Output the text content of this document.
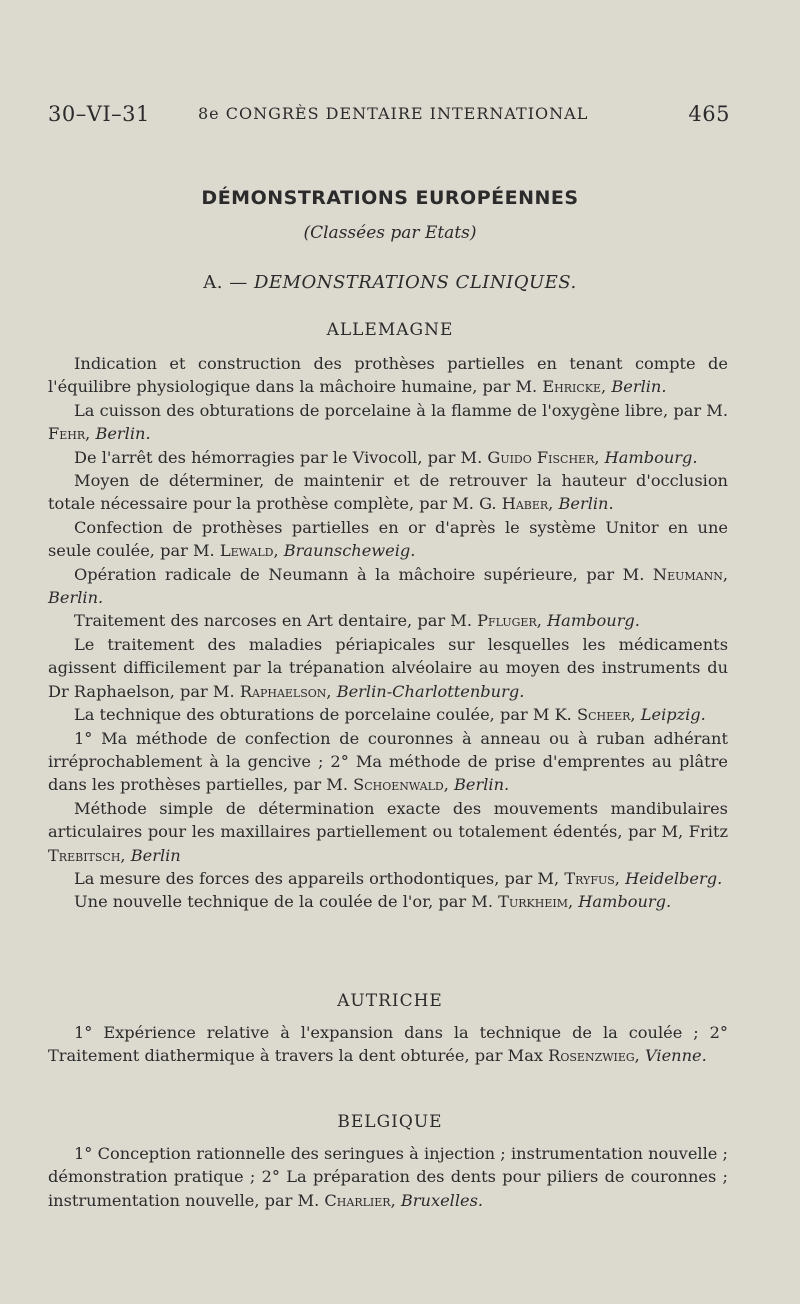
30–VI–31	8e CONGRÈS DENTAIRE INTERNATIONAL	465
DÉMONSTRATIONS EUROPÉENNES
(Classées par Etats)
A. — DEMONSTRATIONS CLINIQUES.
ALLEMAGNE

Indication et construction des prothèses partielles en tenant compte de l'équilibre physiologique dans la mâchoire humaine, par M. Ehricke, Berlin.

La cuisson des obturations de porcelaine à la flamme de l'oxygène libre, par M. Fehr, Berlin.

De l'arrêt des hémorragies par le Vivocoll, par M. Guido Fischer, Hambourg.

Moyen de déterminer, de maintenir et de retrouver la hauteur d'occlusion totale nécessaire pour la prothèse complète, par M. G. Haber, Berlin.

Confection de prothèses partielles en or d'après le système Unitor en une seule coulée, par M. Lewald, Braunscheweig.

Opération radicale de Neumann à la mâchoire supérieure, par M. Neumann, Berlin.

Traitement des narcoses en Art dentaire, par M. Pfluger, Hambourg.

Le traitement des maladies périapicales sur lesquelles les médicaments agissent difficilement par la trépanation alvéolaire au moyen des instruments du Dr Raphaelson, par M. Raphaelson, Berlin-Charlottenburg.

La technique des obturations de porcelaine coulée, par M K. Scheer, Leipzig.

1° Ma méthode de confection de couronnes à anneau ou à ruban adhérant irréprochablement à la gencive ; 2° Ma méthode de prise d'emprentes au plâtre dans les prothèses partielles, par M. Schoenwald, Berlin.

Méthode simple de détermination exacte des mouvements mandibulaires articulaires pour les maxillaires partiellement ou totalement édentés, par M, Fritz Trebitsch, Berlin

La mesure des forces des appareils orthodontiques, par M, Tryfus, Heidelberg.

Une nouvelle technique de la coulée de l'or, par M. Turkheim, Hambourg.

AUTRICHE

1° Expérience relative à l'expansion dans la technique de la coulée ; 2° Traitement diathermique à travers la dent obturée, par Max Rosenzwieg, Vienne.

BELGIQUE

1° Conception rationnelle des seringues à injection ; instrumentation nouvelle ; démonstration pratique ; 2° La préparation des dents pour piliers de couronnes ; instrumentation nouvelle, par M. Charlier, Bruxelles.
